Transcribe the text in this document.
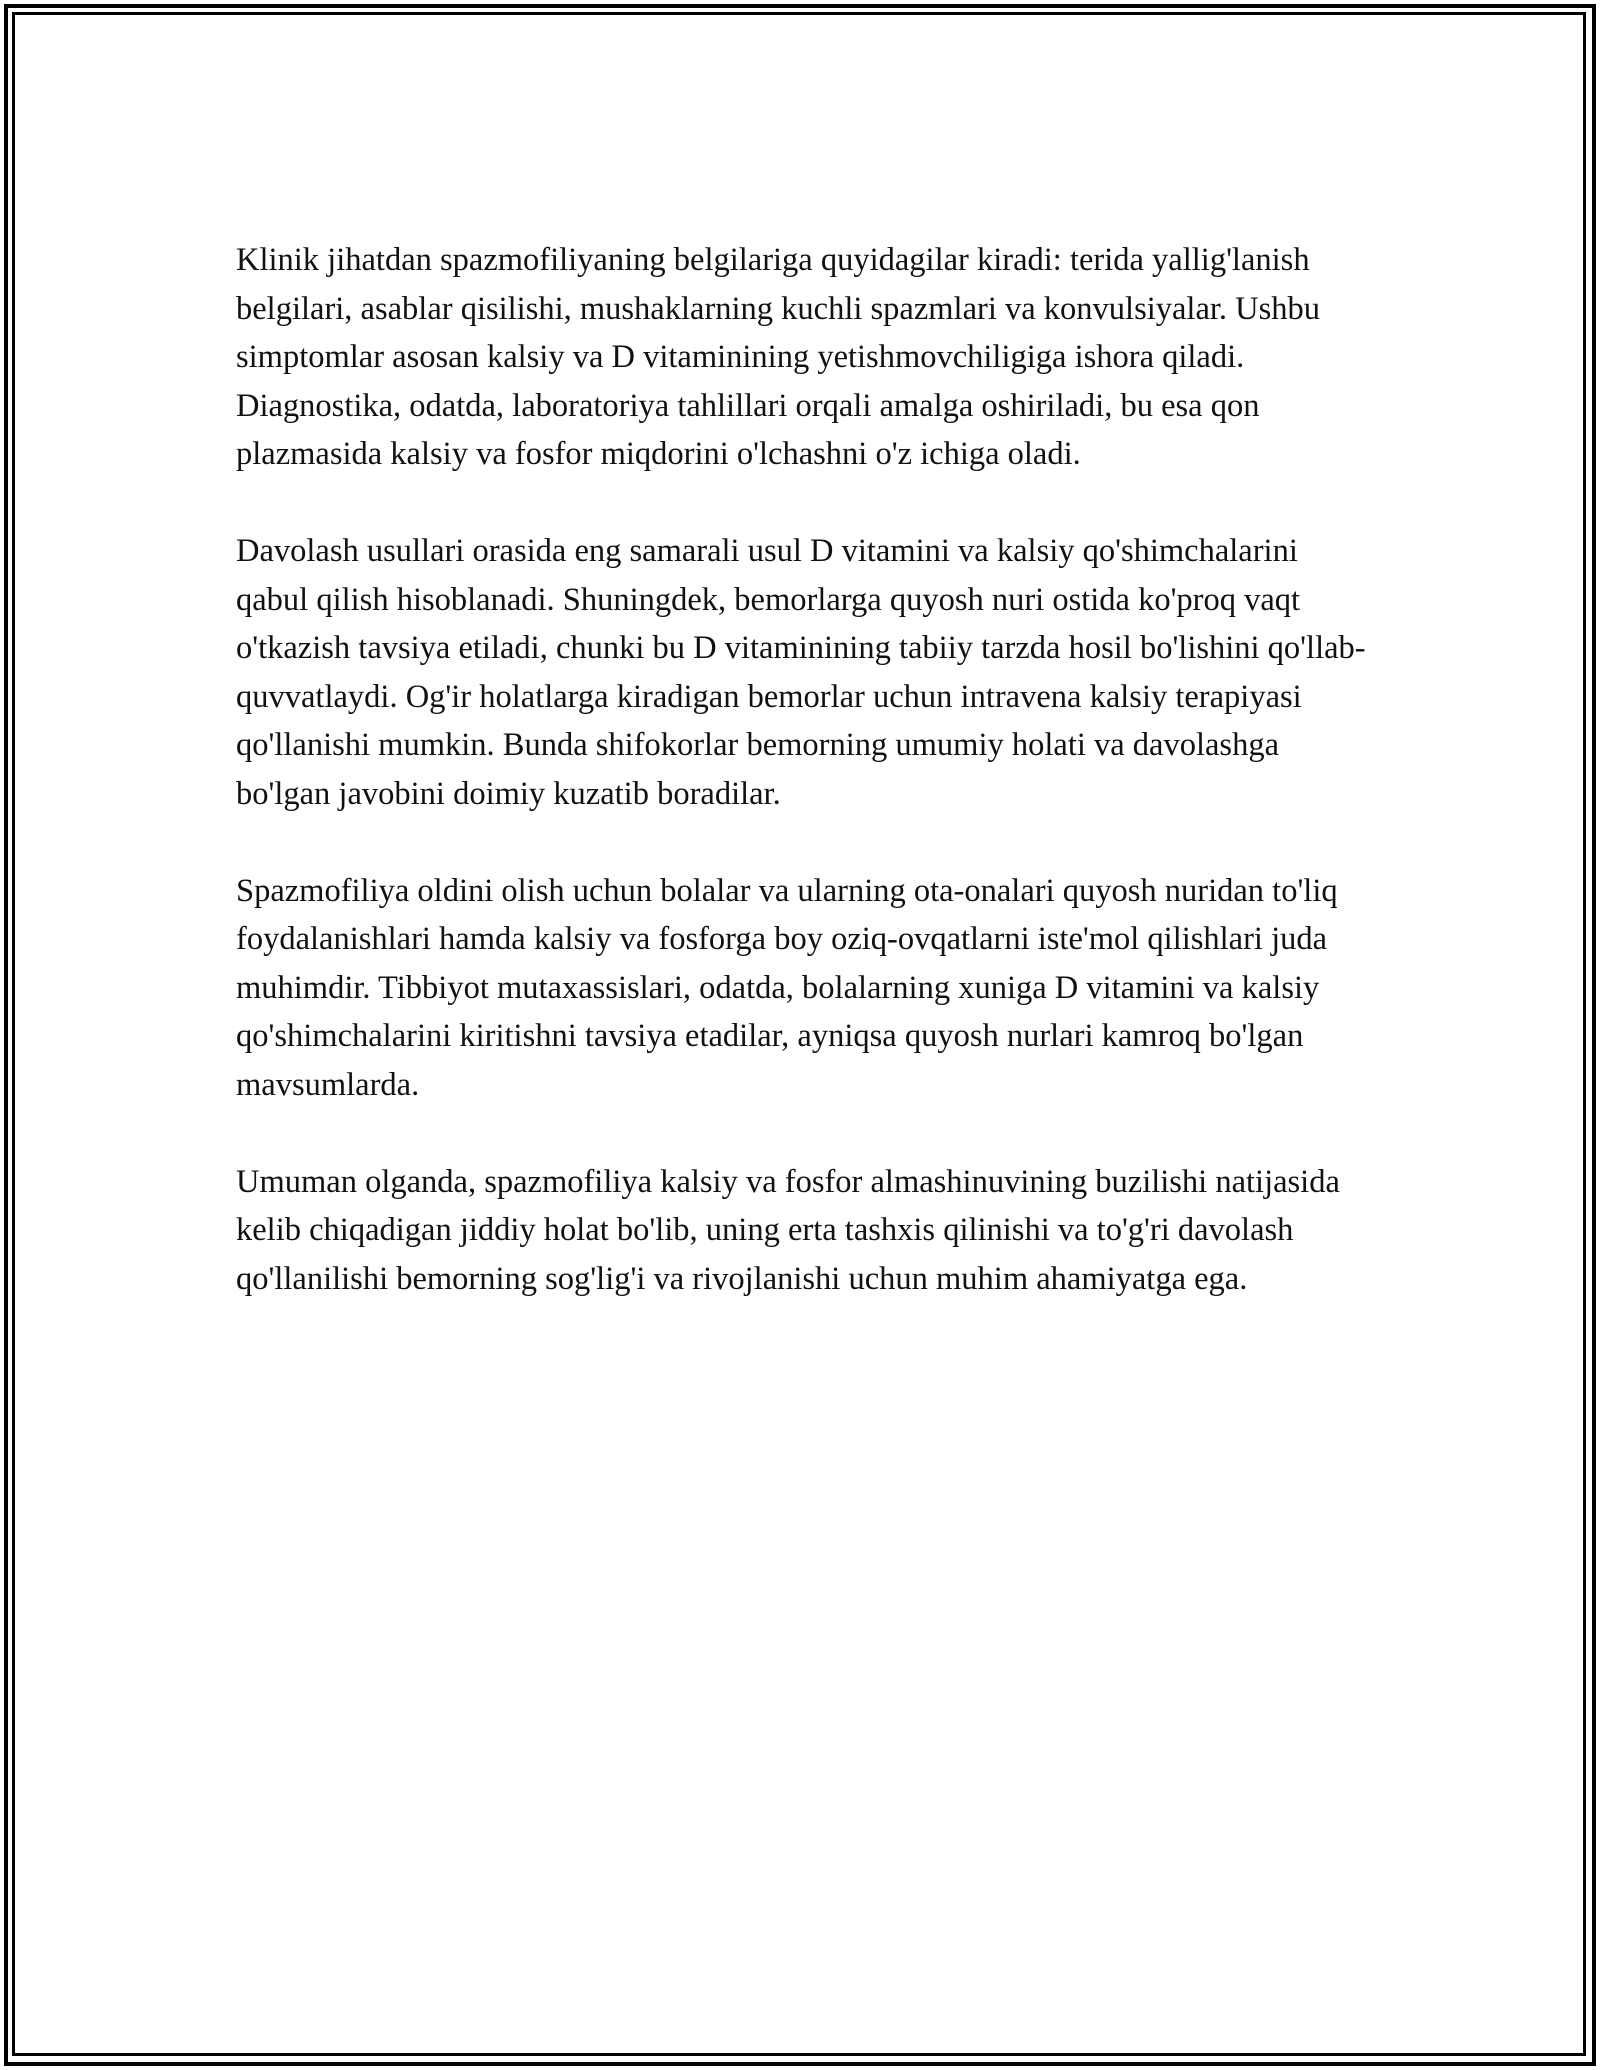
Klinik jihatdan spazmofiliyaning belgilariga quyidagilar kiradi: terida yallig'lanish belgilari, asablar qisilishi, mushaklarning kuchli spazmlari va konvulsiyalar. Ushbu simptomlar asosan kalsiy va D vitaminining yetishmovchiligiga ishora qiladi. Diagnostika, odatda, laboratoriya tahlillari orqali amalga oshiriladi, bu esa qon plazmasida kalsiy va fosfor miqdorini o'lchashni o'z ichiga oladi.

Davolash usullari orasida eng samarali usul D vitamini va kalsiy qo'shimchalarini qabul qilish hisoblanadi. Shuningdek, bemorlarga quyosh nuri ostida ko'proq vaqt o'tkazish tavsiya etiladi, chunki bu D vitaminining tabiiy tarzda hosil bo'lishini qo'llab-quvvatlaydi. Og'ir holatlarga kiradigan bemorlar uchun intravena kalsiy terapiyasi qo'llanishi mumkin. Bunda shifokorlar bemorning umumiy holati va davolashga bo'lgan javobini doimiy kuzatib boradilar.

Spazmofiliya oldini olish uchun bolalar va ularning ota-onalari quyosh nuridan to'liq foydalanishlari hamda kalsiy va fosforga boy oziq-ovqatlarni iste'mol qilishlari juda muhimdir. Tibbiyot mutaxassislari, odatda, bolalarning xuniga D vitamini va kalsiy qo'shimchalarini kiritishni tavsiya etadilar, ayniqsa quyosh nurlari kamroq bo'lgan mavsumlarda.

Umuman olganda, spazmofiliya kalsiy va fosfor almashinuvining buzilishi natijasida kelib chiqadigan jiddiy holat bo'lib, uning erta tashxis qilinishi va to'g'ri davolash qo'llanilishi bemorning sog'lig'i va rivojlanishi uchun muhim ahamiyatga ega.
